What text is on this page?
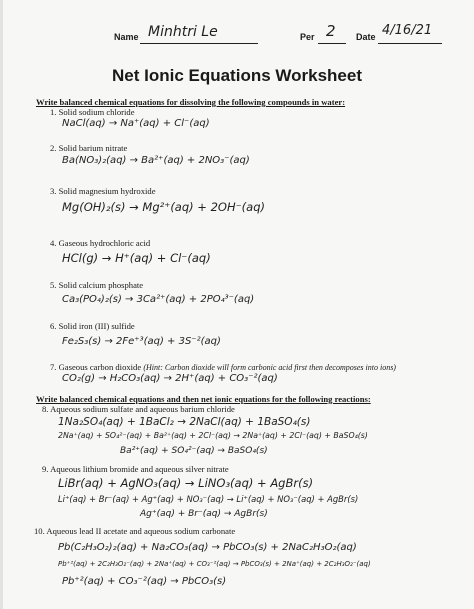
Name Minhtri Le	Per 2 Date 4/16/21
Net Ionic Equations Worksheet
Write balanced chemical equations for dissolving the following compounds in water:
1. Solid sodium chloride
NaCl(aq) → Na⁺(aq) + Cl⁻(aq)
2. Solid barium nitrate
Ba(NO₃)₂(aq) → Ba²⁺(aq) + 2NO₃⁻(aq)
3. Solid magnesium hydroxide
Mg(OH)₂(s) → Mg²⁺(aq) + 2OH⁻(aq)
4. Gaseous hydrochloric acid
HCl(g) → H⁺(aq) + Cl⁻(aq)
5. Solid calcium phosphate
Ca₃(PO₄)₂(s) → 3Ca²⁺(aq) + 2PO₄³⁻(aq)
6. Solid iron (III) sulfide
Fe₂S₃(s) → 2Fe⁺³(aq) + 3S⁻²(aq)
7. Gaseous carbon dioxide (Hint: Carbon dioxide will form carbonic acid first then decomposes into ions)
CO₂(g) → H₂CO₃(aq) → 2H⁺(aq) + CO₃⁻²(aq)
Write balanced chemical equations and then net ionic equations for the following reactions:
8. Aqueous sodium sulfate and aqueous barium chloride
1Na₂SO₄(aq) + 1BaCl₂ → 2NaCl(aq) + 1BaSO₄(s)
2Na⁺(aq) + SO₄²⁻(aq) + Ba²⁺(aq) + 2Cl⁻(aq) → 2Na⁺(aq) + 2Cl⁻(aq) + BaSO₄(s)
Ba²⁺(aq) + SO₄²⁻(aq) → BaSO₄(s)
9. Aqueous lithium bromide and aqueous silver nitrate
LiBr(aq) + AgNO₃(aq) → LiNO₃(aq) + AgBr(s)
Li⁺(aq) + Br⁻(aq) + Ag⁺(aq) + NO₃⁻(aq) → Li⁺(aq) + NO₃⁻(aq) + AgBr(s)
Ag⁺(aq) + Br⁻(aq) → AgBr(s)
10. Aqueous lead II acetate and aqueous sodium carbonate
Pb(C₂H₃O₂)₂(aq) + Na₂CO₃(aq) → PbCO₃(s) + 2NaC₂H₃O₂(aq)
Pb⁺²(aq) + 2C₂H₃O₂⁻(aq) + 2Na⁺(aq) + CO₃⁻²(aq) → PbCO₃(s) + 2Na⁺(aq) + 2C₂H₃O₂⁻(aq)
Pb⁺²(aq) + CO₃⁻²(aq) → PbCO₃(s)
